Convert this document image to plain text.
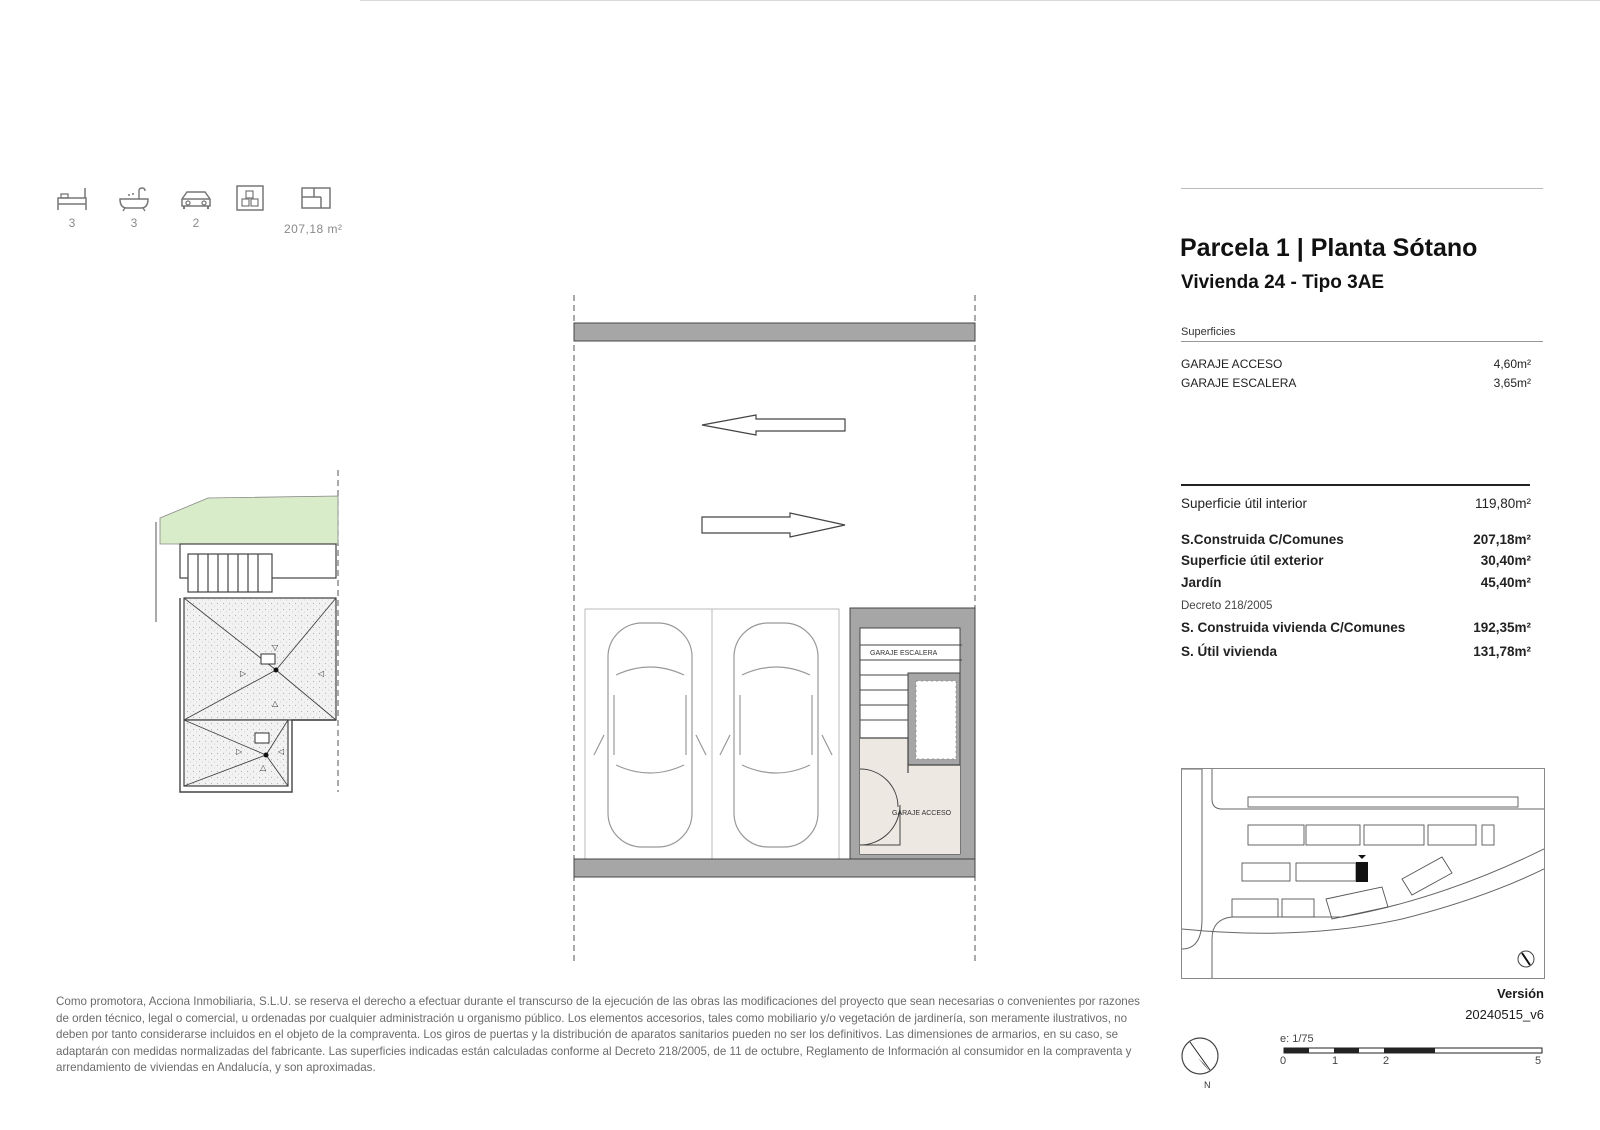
3	3	2	207,18 m²
▷	◁
▽
△
▷	◁
△
GARAJE ESCALERA
GARAJE ACCESO
Parcela 1 | Planta Sótano
Vivienda 24 - Tipo 3AE
Superficies
GARAJE ACCESO	4,60m²
GARAJE ESCALERA	3,65m²
Superficie útil interior	119,80m²
S.Construida C/Comunes	207,18m²
Superficie útil exterior	30,40m²
Jardín	45,40m²
Decreto 218/2005
S. Construida vivienda C/Comunes	192,35m²
S. Útil vivienda	131,78m²
Versión
20240515_v6
N
e: 1/75
0	1	2	5
Como promotora, Acciona Inmobiliaria, S.L.U. se reserva el derecho a efectuar durante el transcurso de la ejecución de las obras las modificaciones del proyecto que sean necesarias o convenientes por razones de orden técnico, legal o comercial, u ordenadas por cualquier administración u organismo público. Los elementos accesorios, tales como mobiliario y/o vegetación de jardinería, son meramente ilustrativos, no deben por tanto considerarse incluidos en el objeto de la compraventa. Los giros de puertas y la distribución de aparatos sanitarios pueden no ser los definitivos. Las dimensiones de armarios, en su caso, se adaptarán con medidas normalizadas del fabricante. Las superficies indicadas están calculadas conforme al Decreto 218/2005, de 11 de octubre, Reglamento de Información al consumidor en la compraventa y arrendamiento de viviendas en Andalucía, y son aproximadas.
